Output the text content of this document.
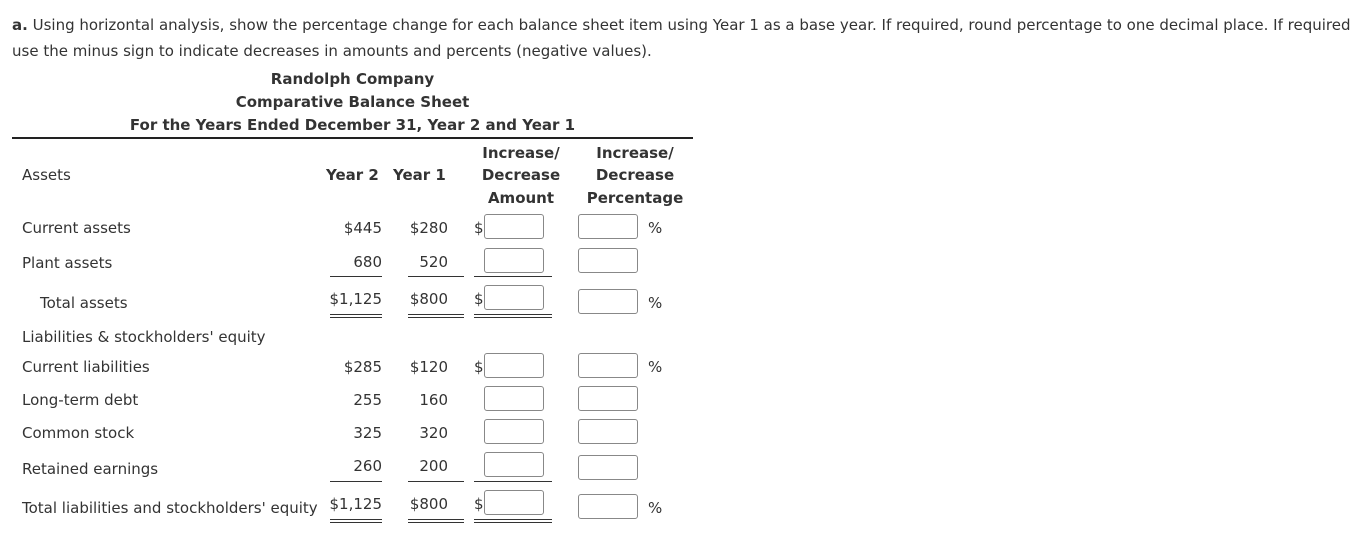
a. Using horizontal analysis, show the percentage change for each balance sheet item using Year 1 as a base year. If required, round percentage to one decimal place. If required use the minus sign to indicate decreases in amounts and percents (negative values).
Randolph Company
Comparative Balance Sheet
For the Years Ended December 31, Year 2 and Year 1
Assets	Year 2 Year 1
Increase/
Decrease
Amount
Increase/
Decrease
Percentage
Current assets	$445 $280 $	%
Plant assets	680 520
Total assets	$1,125 $800 $	%
Liabilities & stockholders' equity
Current liabilities	$285 $120 $	%
Long-term debt	255 160
Common stock	325 320
Retained earnings	260 200
Total liabilities and stockholders' equity $1,125 $800 $	%
